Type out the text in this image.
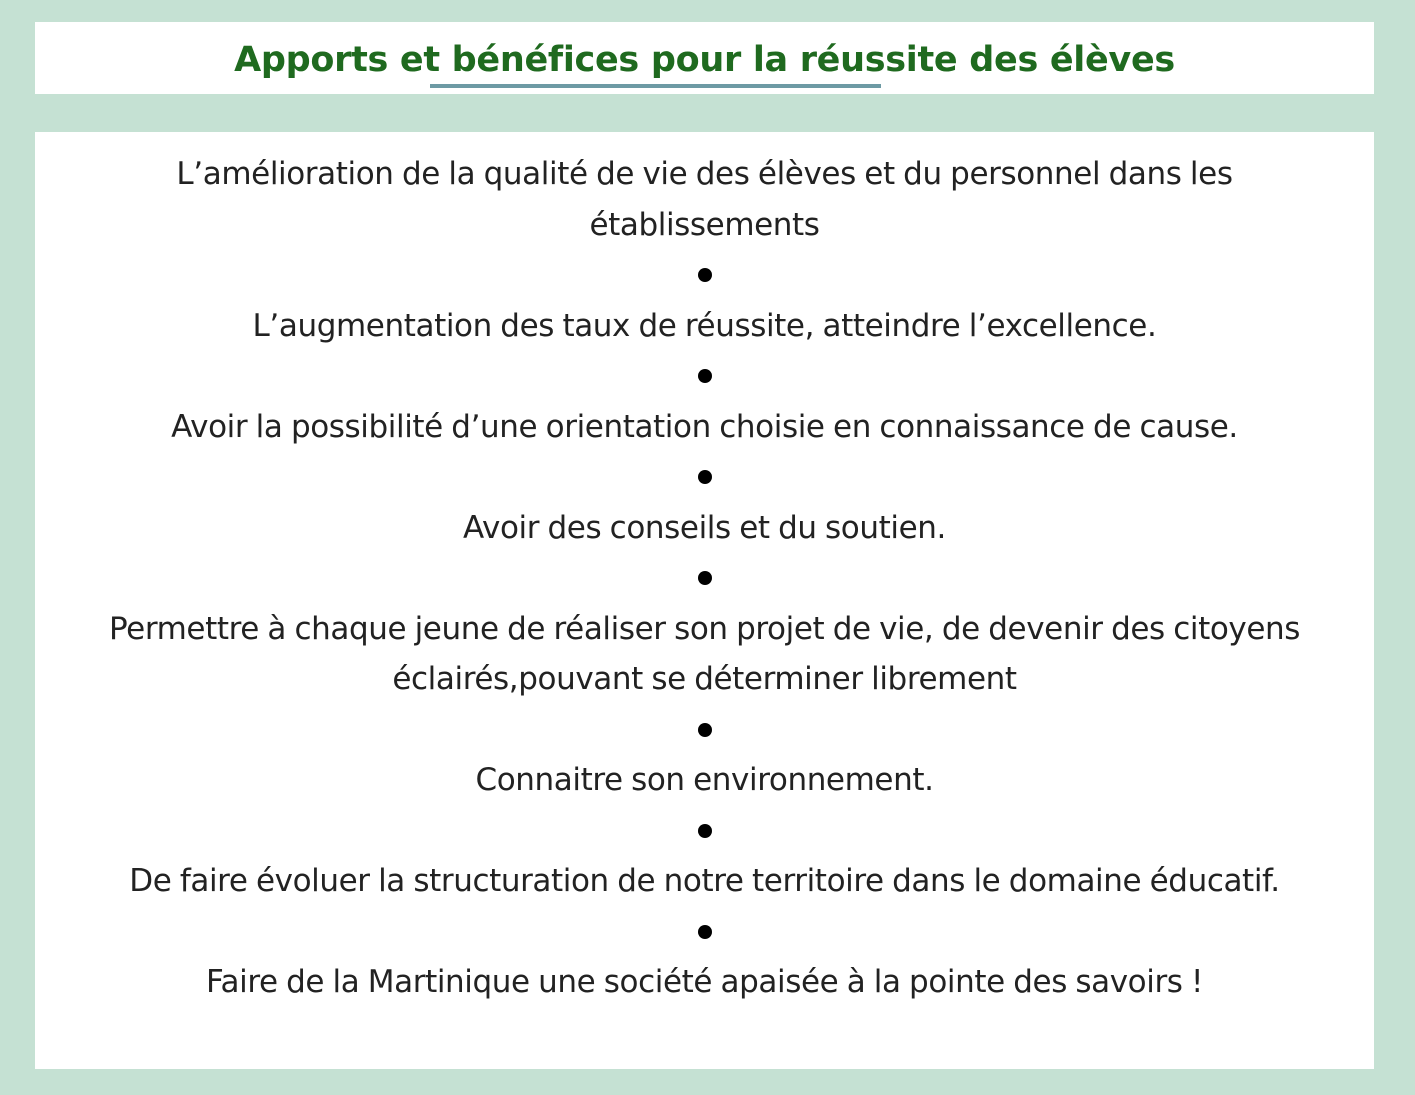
Apports et bénéfices pour la réussite des élèves
L’amélioration de la qualité de vie des élèves et du personnel dans les établissements
L’augmentation des taux de réussite, atteindre l’excellence.
Avoir la possibilité d’une orientation choisie en connaissance de cause.
Avoir des conseils et du soutien.
Permettre à chaque jeune de réaliser son projet de vie, de devenir des citoyens éclairés,pouvant se déterminer librement
Connaitre son environnement.
De faire évoluer la structuration de notre territoire dans le domaine éducatif.
Faire de la Martinique une société apaisée à la pointe des savoirs !
